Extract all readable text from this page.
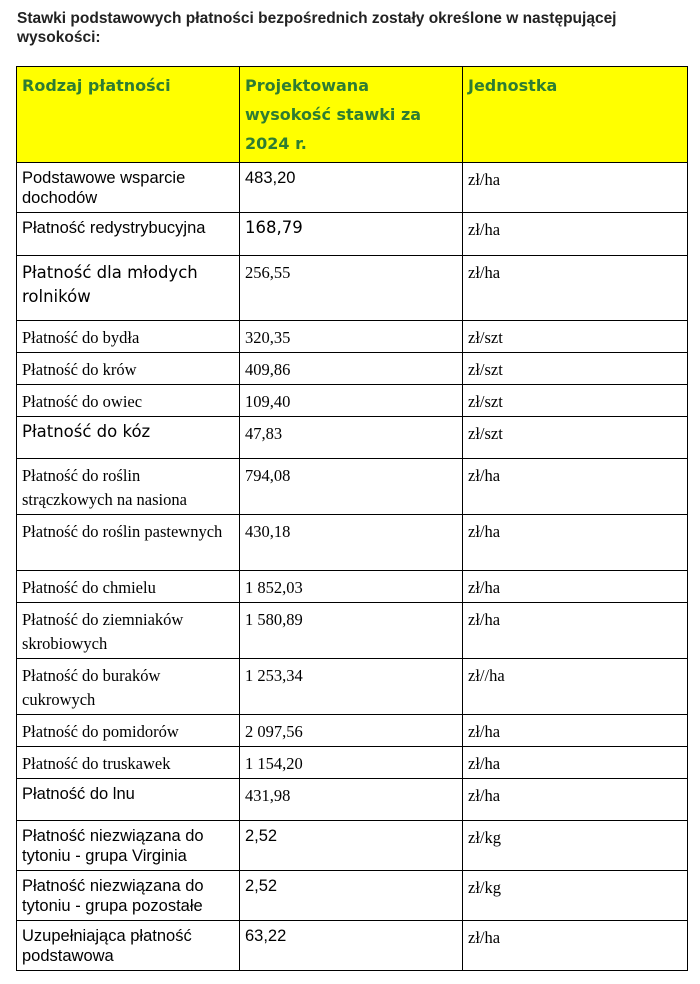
Stawki podstawowych płatności bezpośrednich zostały określone w następującej wysokości:
Rodzaj płatności	Projektowana wysokość stawki za 2024 r.	Jednostka
Podstawowe wsparcie dochodów	483,20	zł/ha
Płatność redystrybucyjna	168,79	zł/ha
Płatność dla młodych rolników	256,55	zł/ha
Płatność do bydła	320,35	zł/szt
Płatność do krów	409,86	zł/szt
Płatność do owiec	109,40	zł/szt
Płatność do kóz	47,83	zł/szt
Płatność do roślin strączkowych na nasiona	794,08	zł/ha
Płatność do roślin pastewnych	430,18	zł/ha
Płatność do chmielu	1 852,03	zł/ha
Płatność do ziemniaków skrobiowych	1 580,89	zł/ha
Płatność do buraków cukrowych	1 253,34	zł//ha
Płatność do pomidorów	2 097,56	zł/ha
Płatność do truskawek	1 154,20	zł/ha
Płatność do lnu	431,98	zł/ha
Płatność niezwiązana do tytoniu - grupa Virginia	2,52	zł/kg
Płatność niezwiązana do tytoniu - grupa pozostałe	2,52	zł/kg
Uzupełniająca płatność podstawowa	63,22	zł/ha
